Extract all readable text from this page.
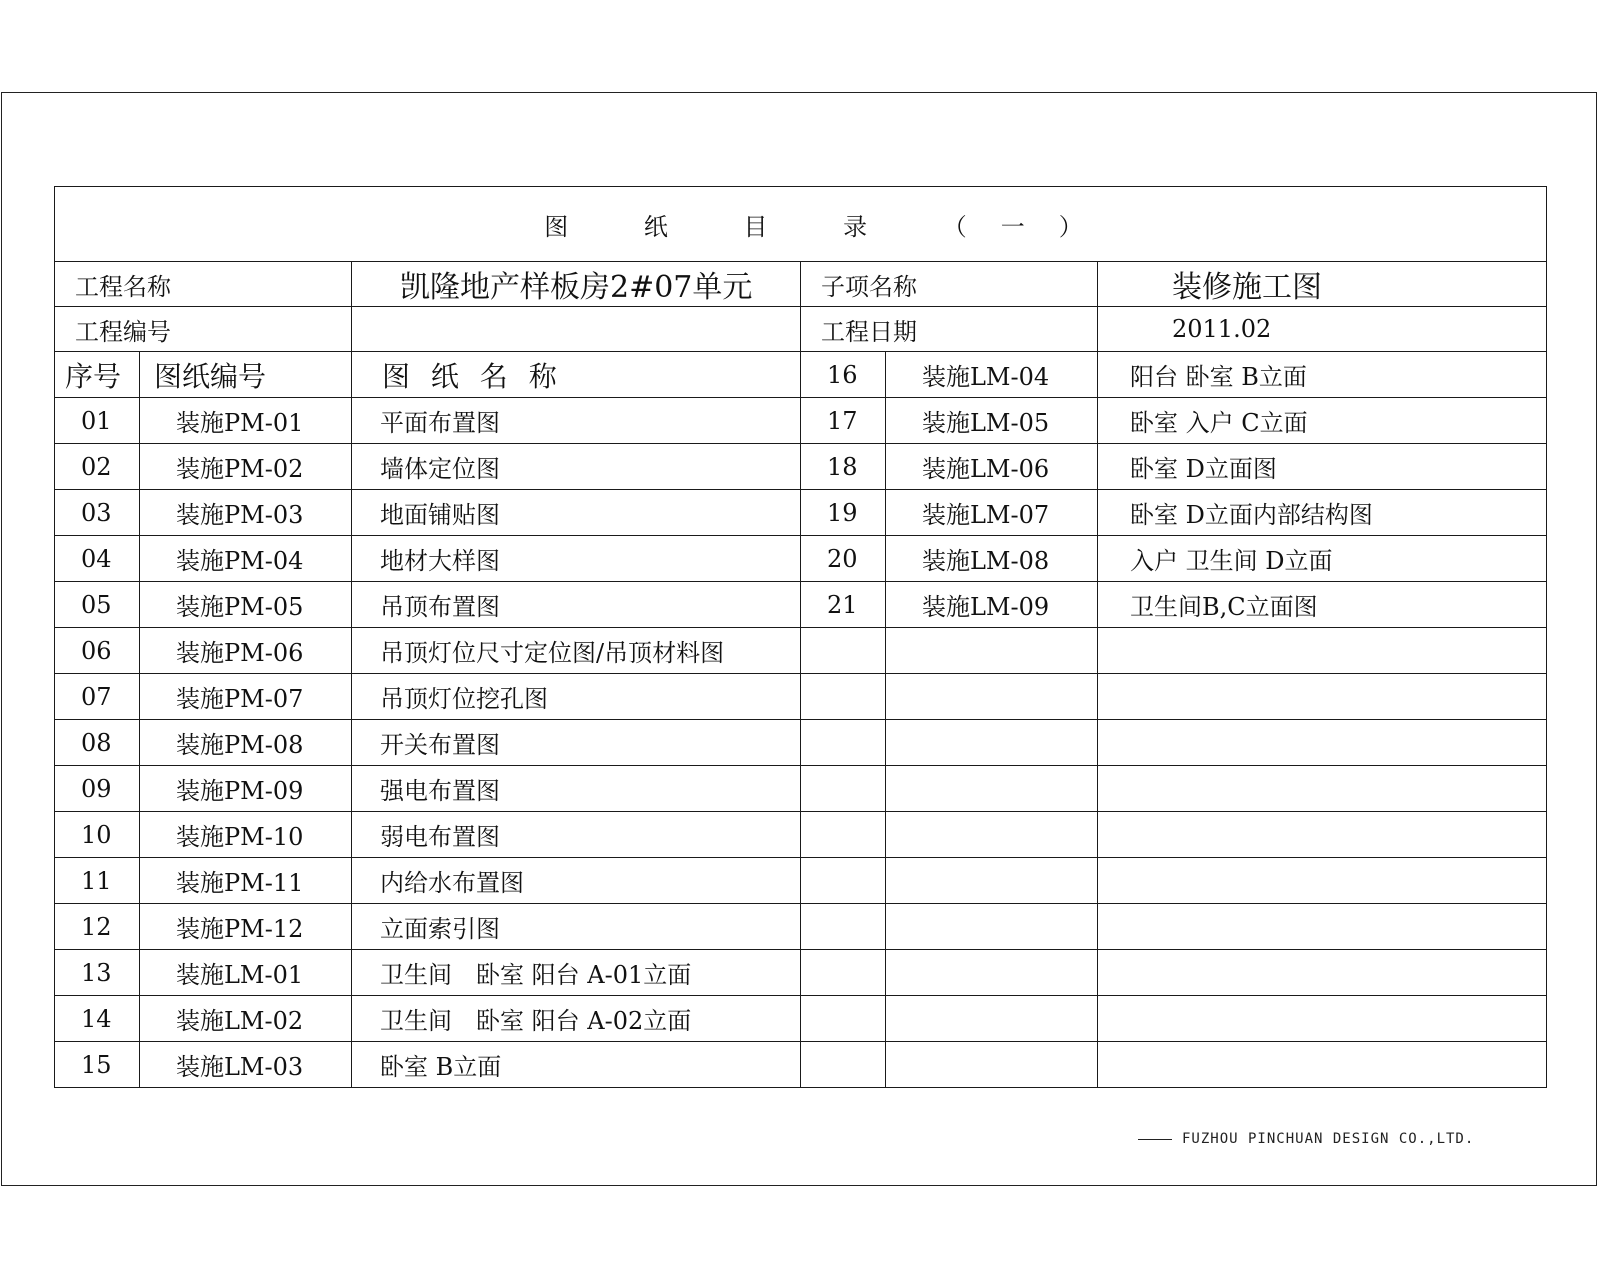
图 纸 目 录 （一）					
工程名称		凯隆地产样板房2#07单元	子项名称		装修施工图
工程编号			工程日期		2011.02
序号	图纸编号	图 纸 名 称	16	装施LM-04	阳台 卧室 B立面
01	装施PM-01	平面布置图	17	装施LM-05	卧室 入户 C立面
02	装施PM-02	墙体定位图	18	装施LM-06	卧室 D立面图
03	装施PM-03	地面铺贴图	19	装施LM-07	卧室 D立面内部结构图
04	装施PM-04	地材大样图	20	装施LM-08	入户 卫生间 D立面
05	装施PM-05	吊顶布置图	21	装施LM-09	卫生间B,C立面图
06	装施PM-06	吊顶灯位尺寸定位图/吊顶材料图			
07	装施PM-07	吊顶灯位挖孔图			
08	装施PM-08	开关布置图			
09	装施PM-09	强电布置图			
10	装施PM-10	弱电布置图			
11	装施PM-11	内给水布置图			
12	装施PM-12	立面索引图			
13	装施LM-01	卫生间　卧室 阳台 A-01立面			
14	装施LM-02	卫生间　卧室 阳台 A-02立面			
15	装施LM-03	卧室 B立面			
FUZHOU PINCHUAN DESIGN CO.,LTD.
